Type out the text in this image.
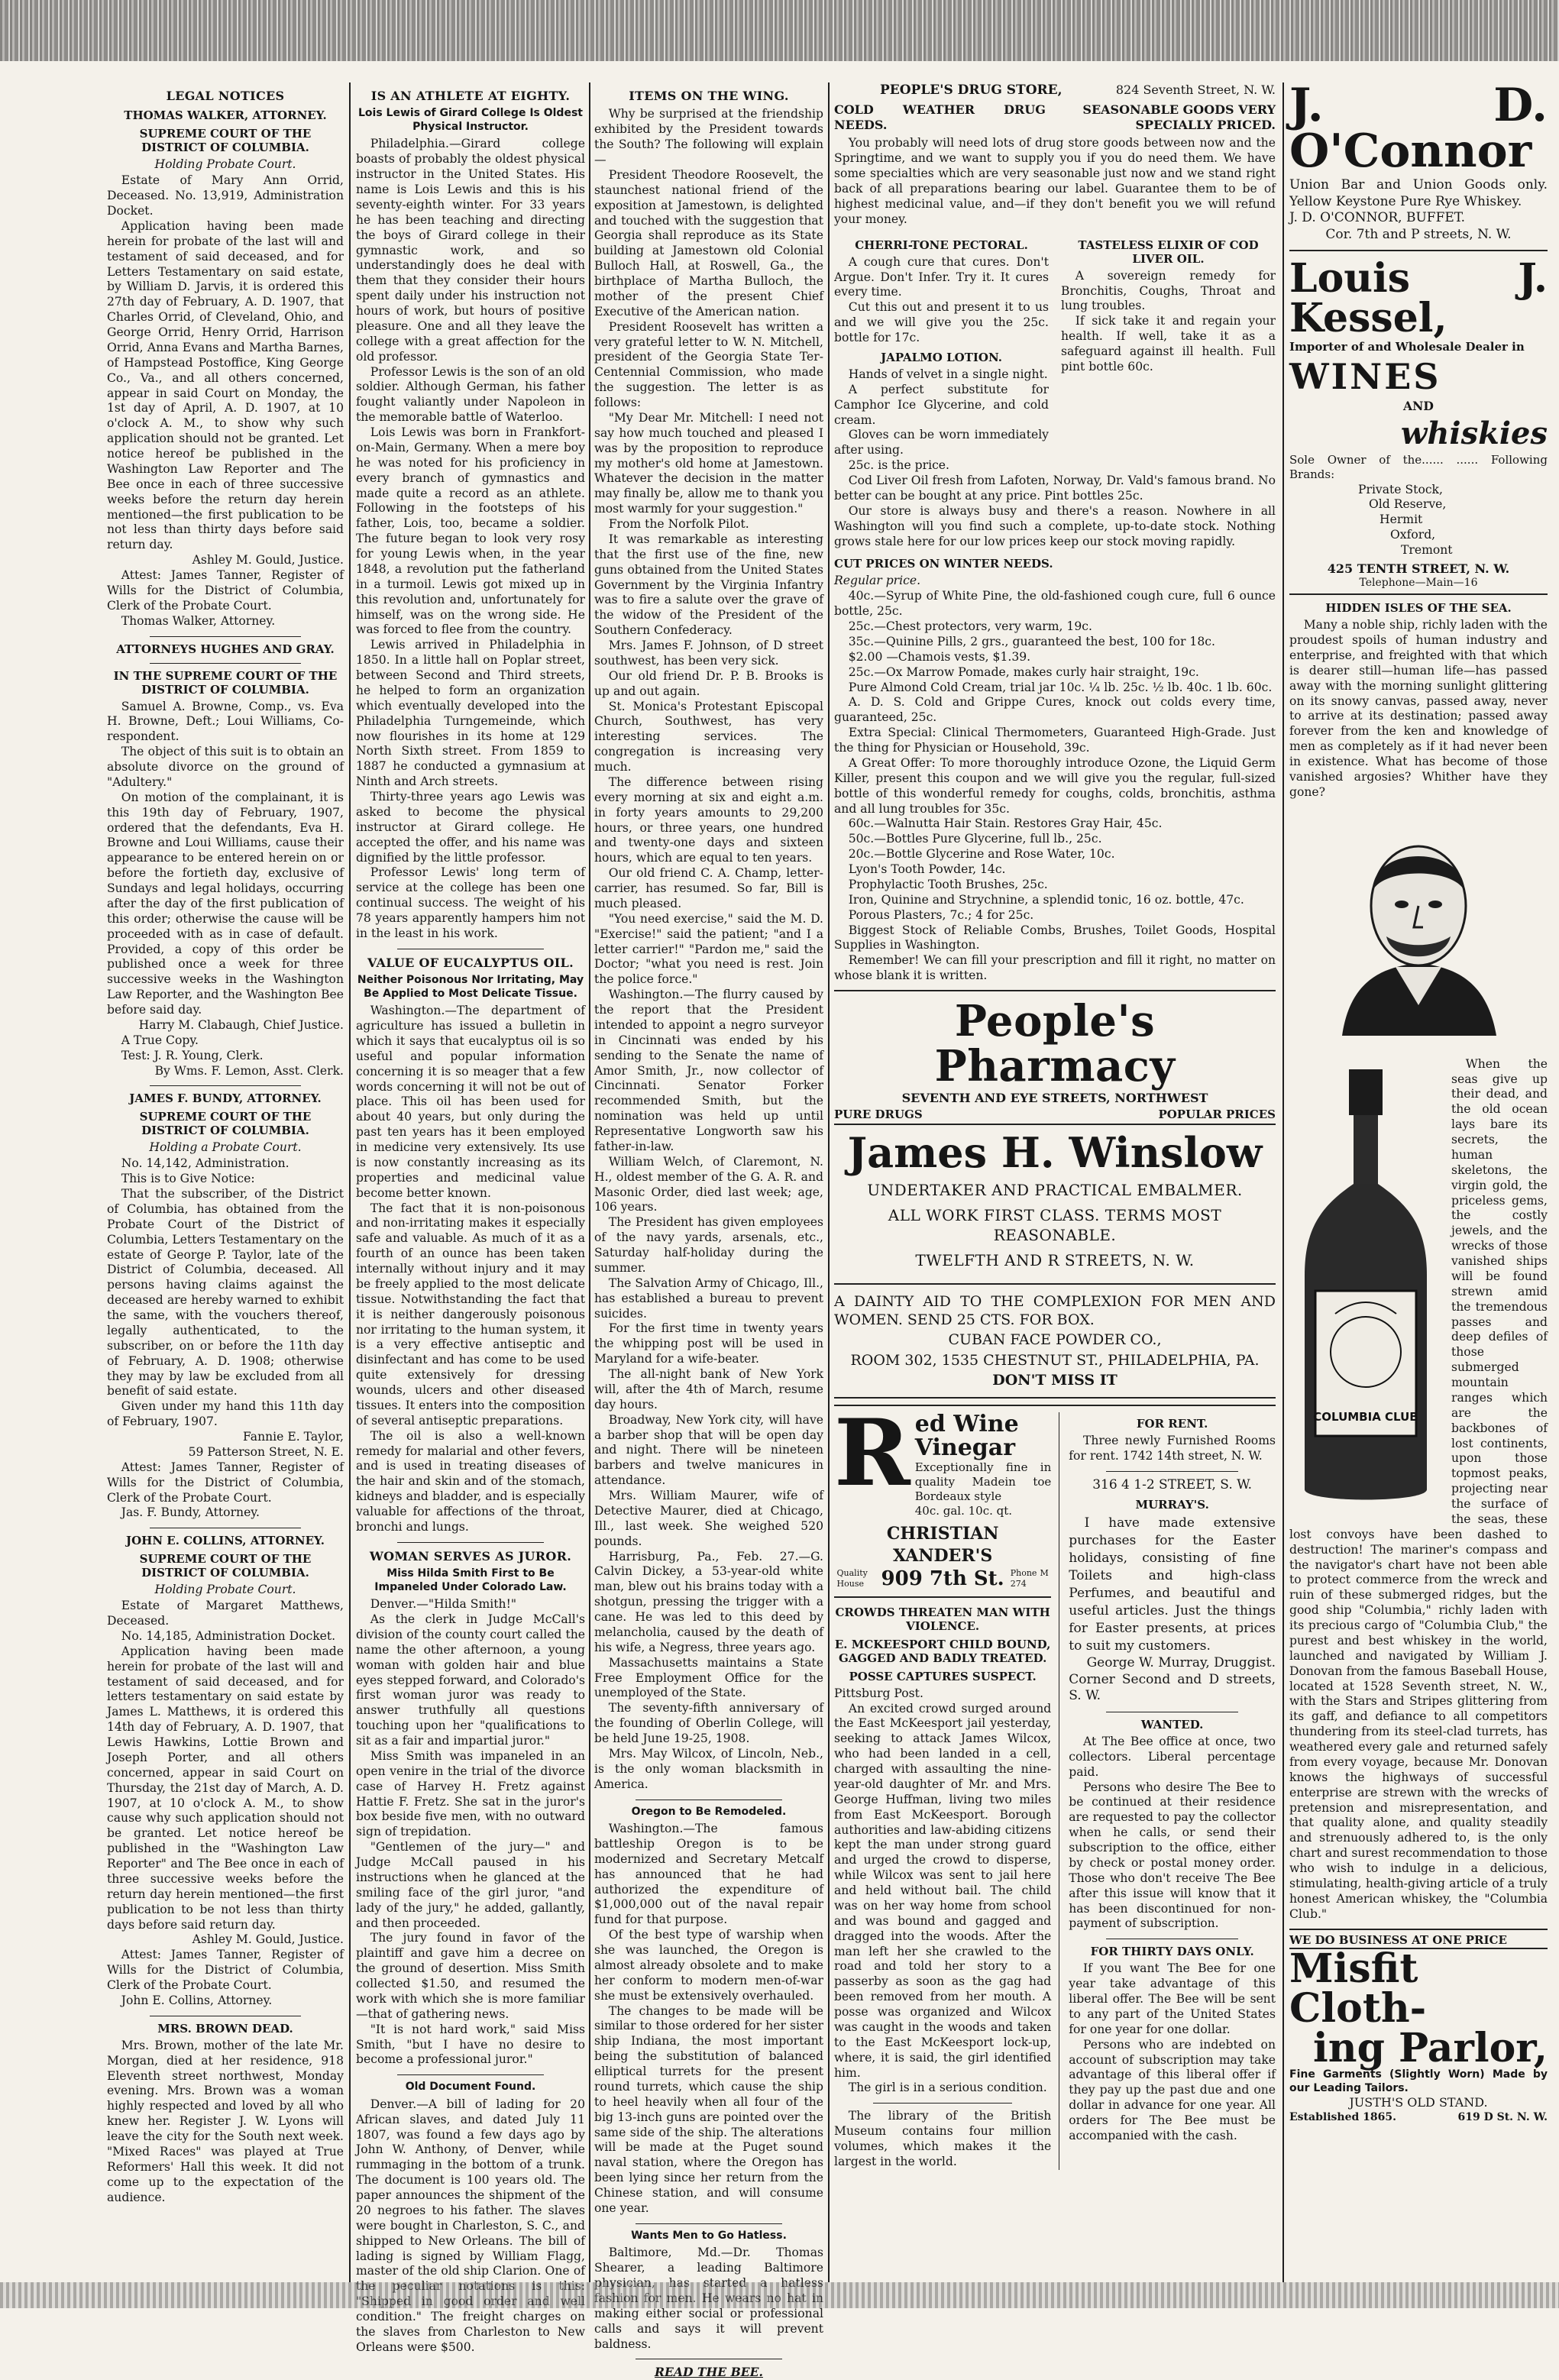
LEGAL NOTICES
THOMAS WALKER, ATTORNEY.
SUPREME COURT OF THE DISTRICT OF COLUMBIA.
Holding Probate Court.

Estate of Mary Ann Orrid, Deceased. No. 13,919, Administration Docket.

Application having been made herein for probate of the last will and testament of said deceased, and for Letters Testamentary on said estate, by William D. Jarvis, it is ordered this 27th day of February, A. D. 1907, that Charles Orrid, of Cleveland, Ohio, and George Orrid, Henry Orrid, Harrison Orrid, Anna Evans and Martha Barnes, of Hampstead Postoffice, King George Co., Va., and all others concerned, appear in said Court on Monday, the 1st day of April, A. D. 1907, at 10 o'clock A. M., to show why such application should not be granted. Let notice hereof be published in the Washington Law Reporter and The Bee once in each of three successive weeks before the return day herein mentioned—the first publication to be not less than thirty days before said return day.

Ashley M. Gould, Justice.

Attest: James Tanner, Register of Wills for the District of Columbia, Clerk of the Probate Court.

Thomas Walker, Attorney.

ATTORNEYS HUGHES AND GRAY.
IN THE SUPREME COURT OF THE DISTRICT OF COLUMBIA.

Samuel A. Browne, Comp., vs. Eva H. Browne, Deft.; Loui Williams, Co-respondent.

The object of this suit is to obtain an absolute divorce on the ground of "Adultery."

On motion of the complainant, it is this 19th day of February, 1907, ordered that the defendants, Eva H. Browne and Loui Williams, cause their appearance to be entered herein on or before the fortieth day, exclusive of Sundays and legal holidays, occurring after the day of the first publication of this order; otherwise the cause will be proceeded with as in case of default. Provided, a copy of this order be published once a week for three successive weeks in the Washington Law Reporter, and the Washington Bee before said day.

Harry M. Clabaugh, Chief Justice.

A True Copy.

Test: J. R. Young, Clerk.

By Wms. F. Lemon, Asst. Clerk.

JAMES F. BUNDY, ATTORNEY.
SUPREME COURT OF THE DISTRICT OF COLUMBIA.
Holding a Probate Court.

No. 14,142, Administration.

This is to Give Notice:

That the subscriber, of the District of Columbia, has obtained from the Probate Court of the District of Columbia, Letters Testamentary on the estate of George P. Taylor, late of the District of Columbia, deceased. All persons having claims against the deceased are hereby warned to exhibit the same, with the vouchers thereof, legally authenticated, to the subscriber, on or before the 11th day of February, A. D. 1908; otherwise they may by law be excluded from all benefit of said estate.

Given under my hand this 11th day of February, 1907.

Fannie E. Taylor,

59 Patterson Street, N. E.

Attest: James Tanner, Register of Wills for the District of Columbia, Clerk of the Probate Court.

Jas. F. Bundy, Attorney.

JOHN E. COLLINS, ATTORNEY.
SUPREME COURT OF THE DISTRICT OF COLUMBIA.
Holding Probate Court.

Estate of Margaret Matthews, Deceased.

No. 14,185, Administration Docket.

Application having been made herein for probate of the last will and testament of said deceased, and for letters testamentary on said estate by James L. Matthews, it is ordered this 14th day of February, A. D. 1907, that Lewis Hawkins, Lottie Brown and Joseph Porter, and all others concerned, appear in said Court on Thursday, the 21st day of March, A. D. 1907, at 10 o'clock A. M., to show cause why such application should not be granted. Let notice hereof be published in the "Washington Law Reporter" and The Bee once in each of three successive weeks before the return day herein mentioned—the first publication to be not less than thirty days before said return day.

Ashley M. Gould, Justice.

Attest: James Tanner, Register of Wills for the District of Columbia, Clerk of the Probate Court.

John E. Collins, Attorney.

MRS. BROWN DEAD.

Mrs. Brown, mother of the late Mr. Morgan, died at her residence, 918 Eleventh street northwest, Monday evening. Mrs. Brown was a woman highly respected and loved by all who knew her. Register J. W. Lyons will leave the city for the South next week. "Mixed Races" was played at True Reformers' Hall this week. It did not come up to the expectation of the audience.

IS AN ATHLETE AT EIGHTY.
Lois Lewis of Girard College Is Oldest Physical Instructor.

Philadelphia.—Girard college boasts of probably the oldest physical instructor in the United States. His name is Lois Lewis and this is his seventy-eighth winter. For 33 years he has been teaching and directing the boys of Girard college in their gymnastic work, and so understandingly does he deal with them that they consider their hours spent daily under his instruction not hours of work, but hours of positive pleasure. One and all they leave the college with a great affection for the old professor.

Professor Lewis is the son of an old soldier. Although German, his father fought valiantly under Napoleon in the memorable battle of Waterloo.

Lois Lewis was born in Frankfort-on-Main, Germany. When a mere boy he was noted for his proficiency in every branch of gymnastics and made quite a record as an athlete. Following in the footsteps of his father, Lois, too, became a soldier. The future began to look very rosy for young Lewis when, in the year 1848, a revolution put the fatherland in a turmoil. Lewis got mixed up in this revolution and, unfortunately for himself, was on the wrong side. He was forced to flee from the country.

Lewis arrived in Philadelphia in 1850. In a little hall on Poplar street, between Second and Third streets, he helped to form an organization which eventually developed into the Philadelphia Turngemeinde, which now flourishes in its home at 129 North Sixth street. From 1859 to 1887 he conducted a gymnasium at Ninth and Arch streets.

Thirty-three years ago Lewis was asked to become the physical instructor at Girard college. He accepted the offer, and his name was dignified by the little professor.

Professor Lewis' long term of service at the college has been one continual success. The weight of his 78 years apparently hampers him not in the least in his work.

VALUE OF EUCALYPTUS OIL.
Neither Poisonous Nor Irritating, May Be Applied to Most Delicate Tissue.

Washington.—The department of agriculture has issued a bulletin in which it says that eucalyptus oil is so useful and popular information concerning it is so meager that a few words concerning it will not be out of place. This oil has been used for about 40 years, but only during the past ten years has it been employed in medicine very extensively. Its use is now constantly increasing as its properties and medicinal value become better known.

The fact that it is non-poisonous and non-irritating makes it especially safe and valuable. As much of it as a fourth of an ounce has been taken internally without injury and it may be freely applied to the most delicate tissue. Notwithstanding the fact that it is neither dangerously poisonous nor irritating to the human system, it is a very effective antiseptic and disinfectant and has come to be used quite extensively for dressing wounds, ulcers and other diseased tissues. It enters into the composition of several antiseptic preparations.

The oil is also a well-known remedy for malarial and other fevers, and is used in treating diseases of the hair and skin and of the stomach, kidneys and bladder, and is especially valuable for affections of the throat, bronchi and lungs.

WOMAN SERVES AS JUROR.
Miss Hilda Smith First to Be Impaneled Under Colorado Law.

Denver.—"Hilda Smith!"

As the clerk in Judge McCall's division of the county court called the name the other afternoon, a young woman with golden hair and blue eyes stepped forward, and Colorado's first woman juror was ready to answer truthfully all questions touching upon her "qualifications to sit as a fair and impartial juror."

Miss Smith was impaneled in an open venire in the trial of the divorce case of Harvey H. Fretz against Hattie F. Fretz. She sat in the juror's box beside five men, with no outward sign of trepidation.

"Gentlemen of the jury—" and Judge McCall paused in his instructions when he glanced at the smiling face of the girl juror, "and lady of the jury," he added, gallantly, and then proceeded.

The jury found in favor of the plaintiff and gave him a decree on the ground of desertion. Miss Smith collected $1.50, and resumed the work with which she is more familiar—that of gathering news.

"It is not hard work," said Miss Smith, "but I have no desire to become a professional juror."

Old Document Found.

Denver.—A bill of lading for 20 African slaves, and dated July 11 1807, was found a few days ago by John W. Anthony, of Denver, while rummaging in the bottom of a trunk. The document is 100 years old. The paper announces the shipment of the 20 negroes to his father. The slaves were bought in Charleston, S. C., and shipped to New Orleans. The bill of lading is signed by William Flagg, master of the old ship Clarion. One of the peculiar notations is this: "Shipped in good order and well condition." The freight charges on the slaves from Charleston to New Orleans were $500.

ITEMS ON THE WING.

Why be surprised at the friendship exhibited by the President towards the South? The following will explain—

President Theodore Roosevelt, the staunchest national friend of the exposition at Jamestown, is delighted and touched with the suggestion that Georgia shall reproduce as its State building at Jamestown old Colonial Bulloch Hall, at Roswell, Ga., the birthplace of Martha Bulloch, the mother of the present Chief Executive of the American nation.

President Roosevelt has written a very grateful letter to W. N. Mitchell, president of the Georgia State Ter-Centennial Commission, who made the suggestion. The letter is as follows:

"My Dear Mr. Mitchell: I need not say how much touched and pleased I was by the proposition to reproduce my mother's old home at Jamestown. Whatever the decision in the matter may finally be, allow me to thank you most warmly for your suggestion."

From the Norfolk Pilot.

It was remarkable as interesting that the first use of the fine, new guns obtained from the United States Government by the Virginia Infantry was to fire a salute over the grave of the widow of the President of the Southern Confederacy.

Mrs. James F. Johnson, of D street southwest, has been very sick.

Our old friend Dr. P. B. Brooks is up and out again.

St. Monica's Protestant Episcopal Church, Southwest, has very interesting services. The congregation is increasing very much.

The difference between rising every morning at six and eight a.m. in forty years amounts to 29,200 hours, or three years, one hundred and twenty-one days and sixteen hours, which are equal to ten years.

Our old friend C. A. Champ, letter-carrier, has resumed. So far, Bill is much pleased.

"You need exercise," said the M. D. "Exercise!" said the patient; "and I a letter carrier!" "Pardon me," said the Doctor; "what you need is rest. Join the police force."

Washington.—The flurry caused by the report that the President intended to appoint a negro surveyor in Cincinnati was ended by his sending to the Senate the name of Amor Smith, Jr., now collector of Cincinnati. Senator Forker recommended Smith, but the nomination was held up until Representative Longworth saw his father-in-law.

William Welch, of Claremont, N. H., oldest member of the G. A. R. and Masonic Order, died last week; age, 106 years.

The President has given employees of the navy yards, arsenals, etc., Saturday half-holiday during the summer.

The Salvation Army of Chicago, Ill., has established a bureau to prevent suicides.

For the first time in twenty years the whipping post will be used in Maryland for a wife-beater.

The all-night bank of New York will, after the 4th of March, resume day hours.

Broadway, New York city, will have a barber shop that will be open day and night. There will be nineteen barbers and twelve manicures in attendance.

Mrs. William Maurer, wife of Detective Maurer, died at Chicago, Ill., last week. She weighed 520 pounds.

Harrisburg, Pa., Feb. 27.—G. Calvin Dickey, a 53-year-old white man, blew out his brains today with a shotgun, pressing the trigger with a cane. He was led to this deed by melancholia, caused by the death of his wife, a Negress, three years ago.

Massachusetts maintains a State Free Employment Office for the unemployed of the State.

The seventy-fifth anniversary of the founding of Oberlin College, will be held June 19-25, 1908.

Mrs. May Wilcox, of Lincoln, Neb., is the only woman blacksmith in America.

Oregon to Be Remodeled.

Washington.—The famous battleship Oregon is to be modernized and Secretary Metcalf has announced that he had authorized the expenditure of $1,000,000 out of the naval repair fund for that purpose.

Of the best type of warship when she was launched, the Oregon is almost already obsolete and to make her conform to modern men-of-war she must be extensively overhauled.

The changes to be made will be similar to those ordered for her sister ship Indiana, the most important being the substitution of balanced elliptical turrets for the present round turrets, which cause the ship to heel heavily when all four of the big 13-inch guns are pointed over the same side of the ship. The alterations will be made at the Puget sound naval station, where the Oregon has been lying since her return from the Chinese station, and will consume one year.

Wants Men to Go Hatless.

Baltimore, Md.—Dr. Thomas Shearer, a leading Baltimore physician, has started a hatless fashion for men. He wears no hat in making either social or professional calls and says it will prevent baldness.

READ THE BEE.
PEOPLE'S DRUG STORE,	824 Seventh Street, N. W.
COLD WEATHER DRUG NEEDS.
SEASONABLE GOODS VERY SPECIALLY PRICED.

You probably will need lots of drug store goods between now and the Springtime, and we want to supply you if you do need them. We have some specialties which are very seasonable just now and we stand right back of all preparations bearing our label. Guarantee them to be of highest medicinal value, and—if they don't benefit you we will refund your money.

CHERRI-TONE PECTORAL.

A cough cure that cures. Don't Argue. Don't Infer. Try it. It cures every time.

Cut this out and present it to us and we will give you the 25c. bottle for 17c.

JAPALMO LOTION.

Hands of velvet in a single night.

A perfect substitute for Camphor Ice Glycerine, and cold cream.

Gloves can be worn immediately after using.

25c. is the price.

TASTELESS ELIXIR OF COD LIVER OIL.

A sovereign remedy for Bronchitis, Coughs, Throat and lung troubles.

If sick take it and regain your health. If well, take it as a safeguard against ill health. Full pint bottle 60c.

Cod Liver Oil fresh from Lafoten, Norway, Dr. Vald's famous brand. No better can be bought at any price. Pint bottles 25c.

Our store is always busy and there's a reason. Nowhere in all Washington will you find such a complete, up-to-date stock. Nothing grows stale here for our low prices keep our stock moving rapidly.

CUT PRICES ON WINTER NEEDS.

Regular price.

40c.—Syrup of White Pine, the old-fashioned cough cure, full 6 ounce bottle, 25c.

25c.—Chest protectors, very warm, 19c.

35c.—Quinine Pills, 2 grs., guaranteed the best, 100 for 18c.

$2.00 —Chamois vests, $1.39.

25c.—Ox Marrow Pomade, makes curly hair straight, 19c.

Pure Almond Cold Cream, trial jar 10c. ¼ lb. 25c. ½ lb. 40c. 1 lb. 60c.

A. D. S. Cold and Grippe Cures, knock out colds every time, guaranteed, 25c.

Extra Special: Clinical Thermometers, Guaranteed High-Grade. Just the thing for Physician or Household, 39c.

A Great Offer: To more thoroughly introduce Ozone, the Liquid Germ Killer, present this coupon and we will give you the regular, full-sized bottle of this wonderful remedy for coughs, colds, bronchitis, asthma and all lung troubles for 35c.

60c.—Walnutta Hair Stain. Restores Gray Hair, 45c.

50c.—Bottles Pure Glycerine, full lb., 25c.

20c.—Bottle Glycerine and Rose Water, 10c.

Lyon's Tooth Powder, 14c.

Prophylactic Tooth Brushes, 25c.

Iron, Quinine and Strychnine, a splendid tonic, 16 oz. bottle, 47c.

Porous Plasters, 7c.; 4 for 25c.

Biggest Stock of Reliable Combs, Brushes, Toilet Goods, Hospital Supplies in Washington.

Remember! We can fill your prescription and fill it right, no matter on whose blank it is written.

People's Pharmacy
SEVENTH AND EYE STREETS, NORTHWEST
PURE DRUGS	POPULAR PRICES
James H. Winslow
UNDERTAKER AND PRACTICAL EMBALMER.
ALL WORK FIRST CLASS. TERMS MOST REASONABLE.
TWELFTH AND R STREETS, N. W.
A DAINTY AID TO THE COMPLEXION FOR MEN AND WOMEN. SEND 25 CTS. FOR BOX.
CUBAN FACE POWDER CO.,
ROOM 302, 1535 CHESTNUT ST., PHILADELPHIA, PA.
DON'T MISS IT
R ed Wine
Vinegar
Exceptionally fine in quality Madein toe Bordeaux style
40c. gal. 10c. qt.
CHRISTIAN XANDER'S
Quality House 909 7th St. Phone M 274
CROWDS THREATEN MAN WITH VIOLENCE.
E. MCKEESPORT CHILD BOUND, GAGGED AND BADLY TREATED.
POSSE CAPTURES SUSPECT.

Pittsburg Post.

An excited crowd surged around the East McKeesport jail yesterday, seeking to attack James Wilcox, who had been landed in a cell, charged with assaulting the nine-year-old daughter of Mr. and Mrs. George Huffman, living two miles from East McKeesport. Borough authorities and law-abiding citizens kept the man under strong guard and urged the crowd to disperse, while Wilcox was sent to jail here and held without bail. The child was on her way home from school and was bound and gagged and dragged into the woods. After the man left her she crawled to the road and told her story to a passerby as soon as the gag had been removed from her mouth. A posse was organized and Wilcox was caught in the woods and taken to the East McKeesport lock-up, where, it is said, the girl identified him.

The girl is in a serious condition.

The library of the British Museum contains four million volumes, which makes it the largest in the world.

FOR RENT.

Three newly Furnished Rooms for rent. 1742 14th street, N. W.

316 4 1-2 STREET, S. W.
MURRAY'S.

I have made extensive purchases for the Easter holidays, consisting of fine Toilets and high-class Perfumes, and beautiful and useful articles. Just the things for Easter presents, at prices to suit my customers.

George W. Murray, Druggist.

Corner Second and D streets, S. W.

WANTED.

At The Bee office at once, two collectors. Liberal percentage paid.

Persons who desire The Bee to be continued at their residence are requested to pay the collector when he calls, or send their subscription to the office, either by check or postal money order. Those who don't receive The Bee after this issue will know that it has been discontinued for non-payment of subscription.

FOR THIRTY DAYS ONLY.

If you want The Bee for one year take advantage of this liberal offer. The Bee will be sent to any part of the United States for one year for one dollar.

Persons who are indebted on account of subscription may take advantage of this liberal offer if they pay up the past due and one dollar in advance for one year. All orders for The Bee must be accompanied with the cash.

J. D. O'Connor

Union Bar and Union Goods only. Yellow Keystone Pure Rye Whiskey.

J. D. O'CONNOR, BUFFET.

Cor. 7th and P streets, N. W.

Louis J. Kessel,

Importer of and Wholesale Dealer in

WINES
AND
whiskies

Sole Owner of the...... ...... Following Brands:

Private Stock,
Old Reserve,
Hermit
Oxford,
Tremont
425 TENTH STREET, N. W.
Telephone—Main—16
HIDDEN ISLES OF THE SEA.

Many a noble ship, richly laden with the proudest spoils of human industry and enterprise, and freighted with that which is dearer still—human life—has passed away with the morning sunlight glittering on its snowy canvas, passed away, never to arrive at its destination; passed away forever from the ken and knowledge of men as completely as if it had never been in existence. What has become of those vanished argosies? Whither have they gone?

COLUMBIA CLUB

When the seas give up their dead, and the old ocean lays bare its secrets, the human skeletons, the virgin gold, the priceless gems, the costly jewels, and the wrecks of those vanished ships will be found strewn amid the tremendous passes and deep defiles of those submerged mountain ranges which are the backbones of lost continents, upon those topmost peaks, projecting near the surface of the seas, these lost convoys have been dashed to destruction! The mariner's compass and the navigator's chart have not been able to protect commerce from the wreck and ruin of these submerged ridges, but the good ship "Columbia," richly laden with its precious cargo of "Columbia Club," the purest and best whiskey in the world, launched and navigated by William J. Donovan from the famous Baseball House, located at 1528 Seventh street, N. W., with the Stars and Stripes glittering from its gaff, and defiance to all competitors thundering from its steel-clad turrets, has weathered every gale and returned safely from every voyage, because Mr. Donovan knows the highways of successful enterprise are strewn with the wrecks of pretension and misrepresentation, and that quality alone, and quality steadily and strenuously adhered to, is the only chart and surest recommendation to those who wish to indulge in a delicious, stimulating, health-giving article of a truly honest American whiskey, the "Columbia Club."

WE DO BUSINESS AT ONE PRICE
Misfit Cloth-
ing Parlor,

Fine Garments (Slightly Worn) Made by our Leading Tailors.

JUSTH'S OLD STAND.

Established 1865.	619 D St. N. W.
